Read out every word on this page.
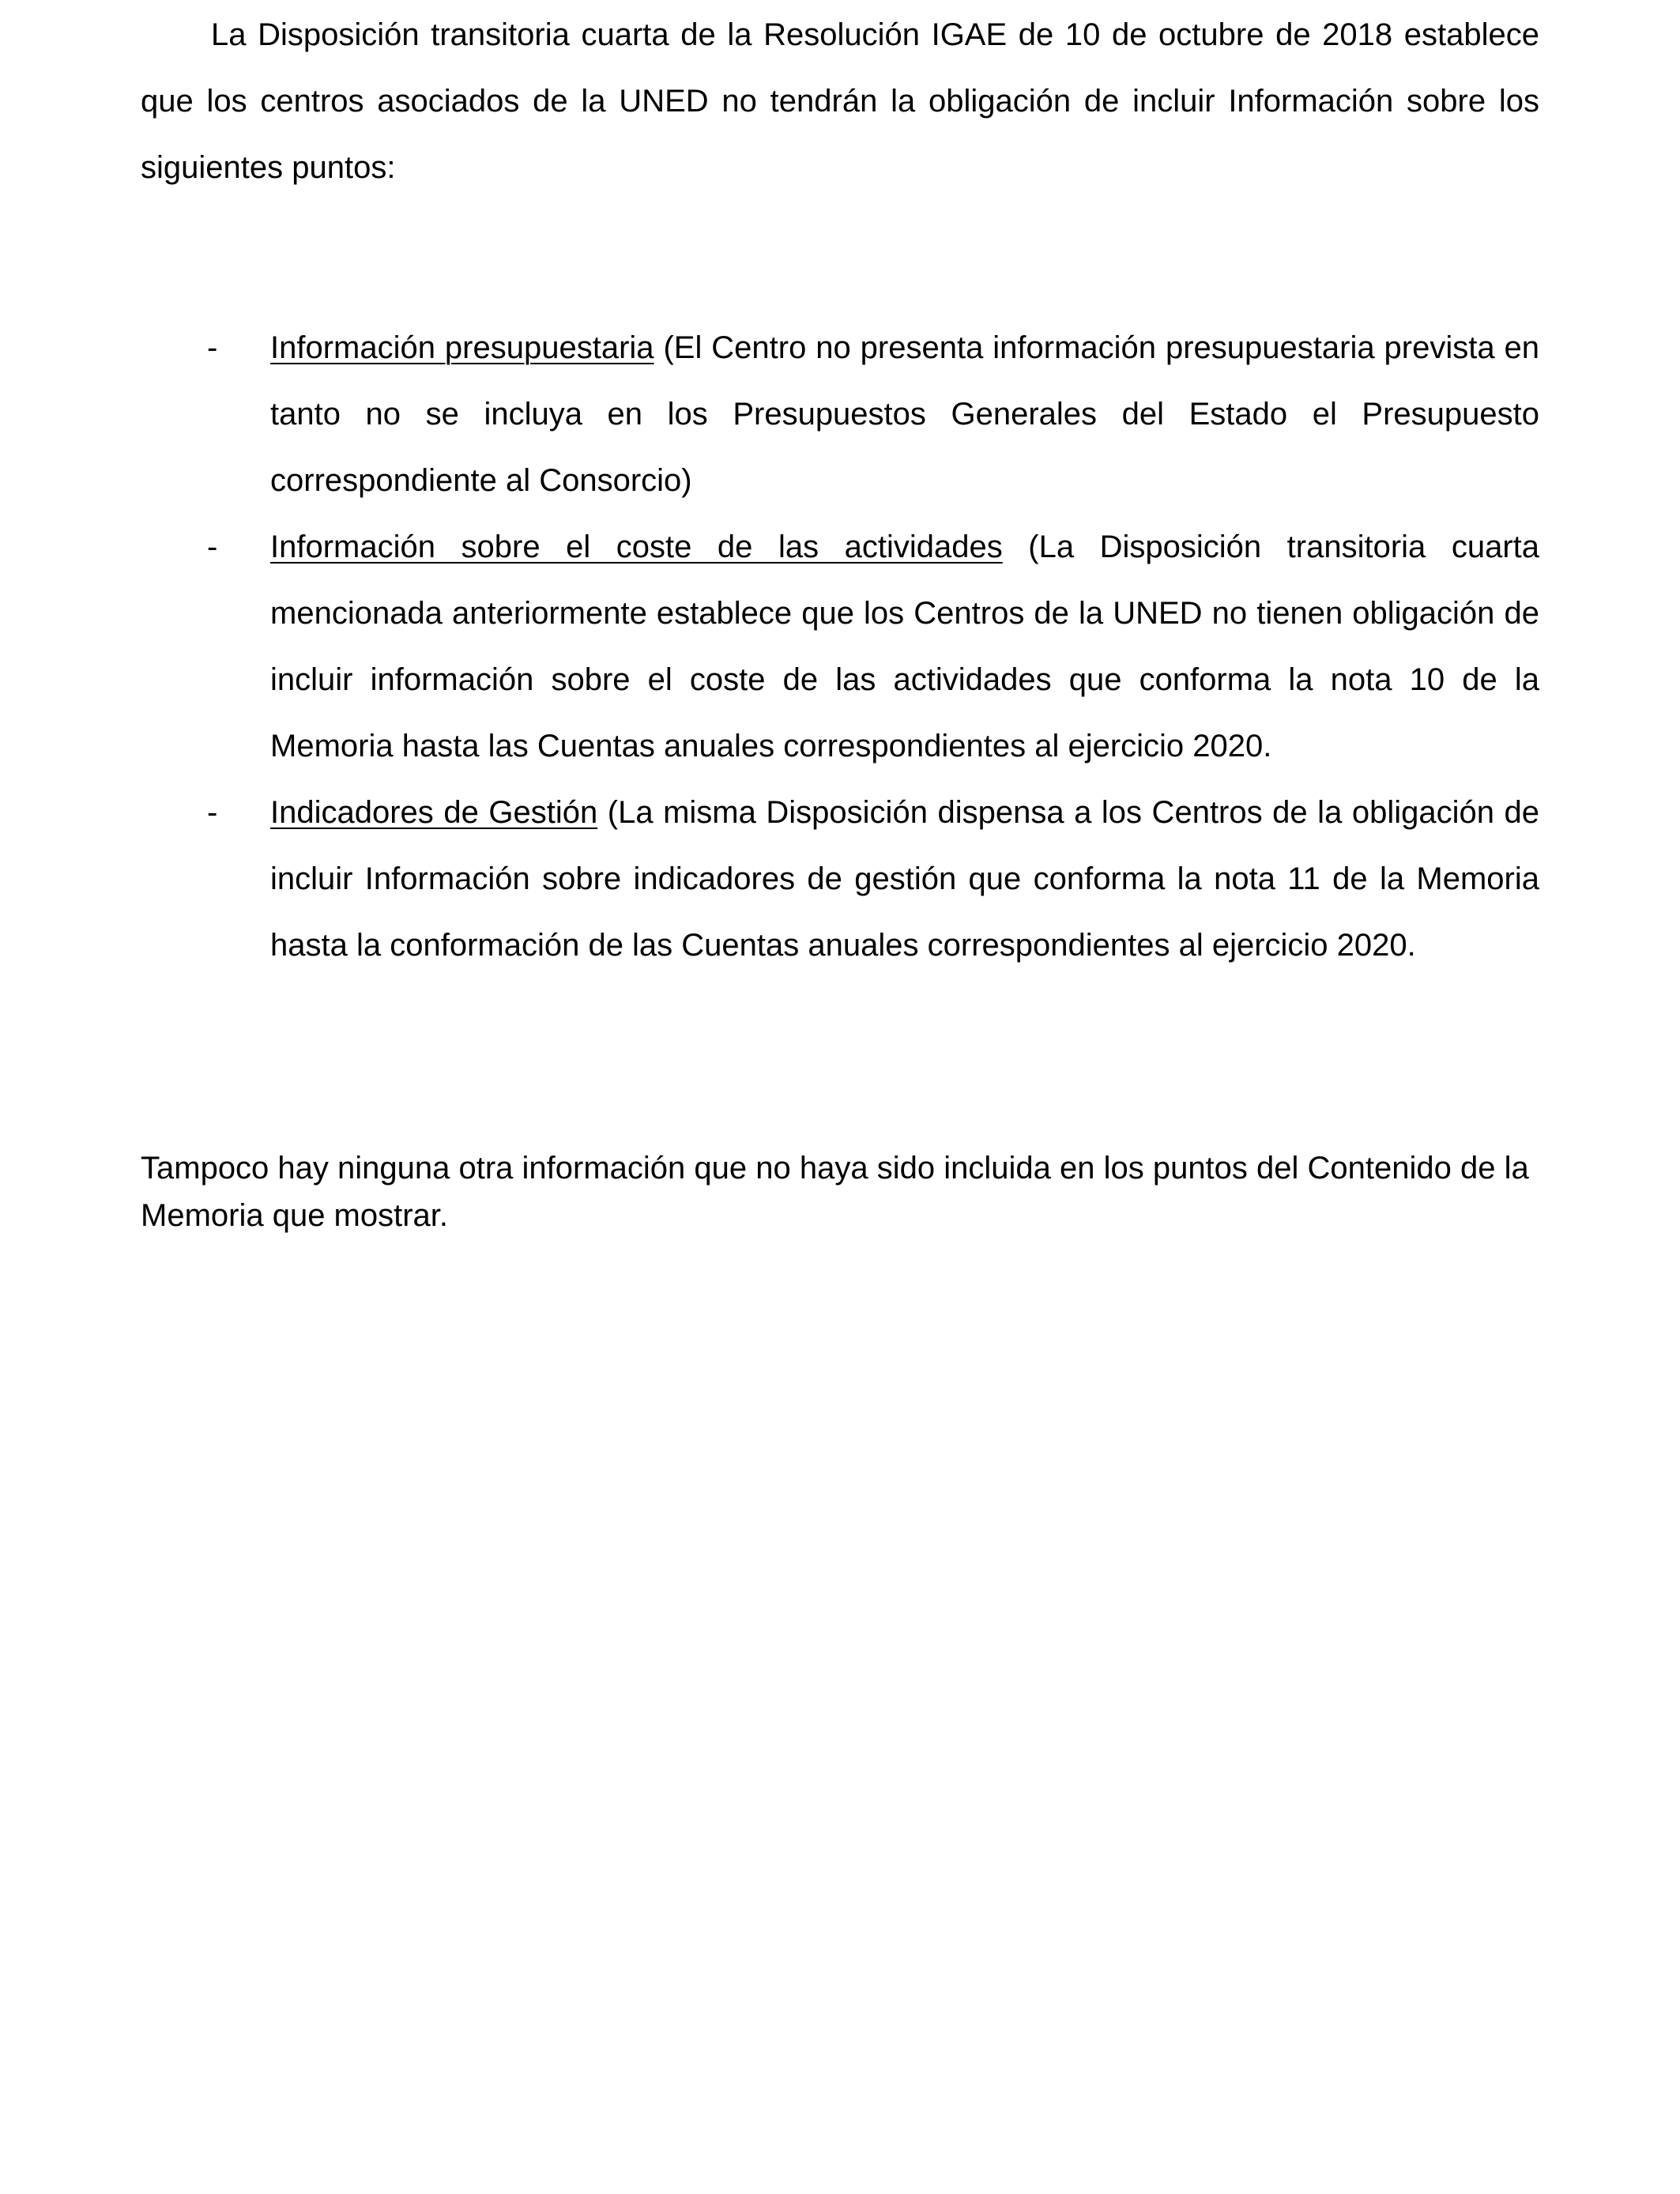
La Disposición transitoria cuarta de la Resolución IGAE de 10 de octubre de 2018 establece que los centros asociados de la UNED no tendrán la obligación de incluir Información sobre los siguientes puntos:

- Información presupuestaria (El Centro no presenta información presupuestaria prevista en tanto no se incluya en los Presupuestos Generales del Estado el Presupuesto correspondiente al Consorcio)
- Información sobre el coste de las actividades (La Disposición transitoria cuarta mencionada anteriormente establece que los Centros de la UNED no tienen obligación de incluir información sobre el coste de las actividades que conforma la nota 10 de la Memoria hasta las Cuentas anuales correspondientes al ejercicio 2020.
- Indicadores de Gestión (La misma Disposición dispensa a los Centros de la obligación de incluir Información sobre indicadores de gestión que conforma la nota 11 de la Memoria hasta la conformación de las Cuentas anuales correspondientes al ejercicio 2020.

Tampoco hay ninguna otra información que no haya sido incluida en los puntos del Contenido de la Memoria que mostrar.
